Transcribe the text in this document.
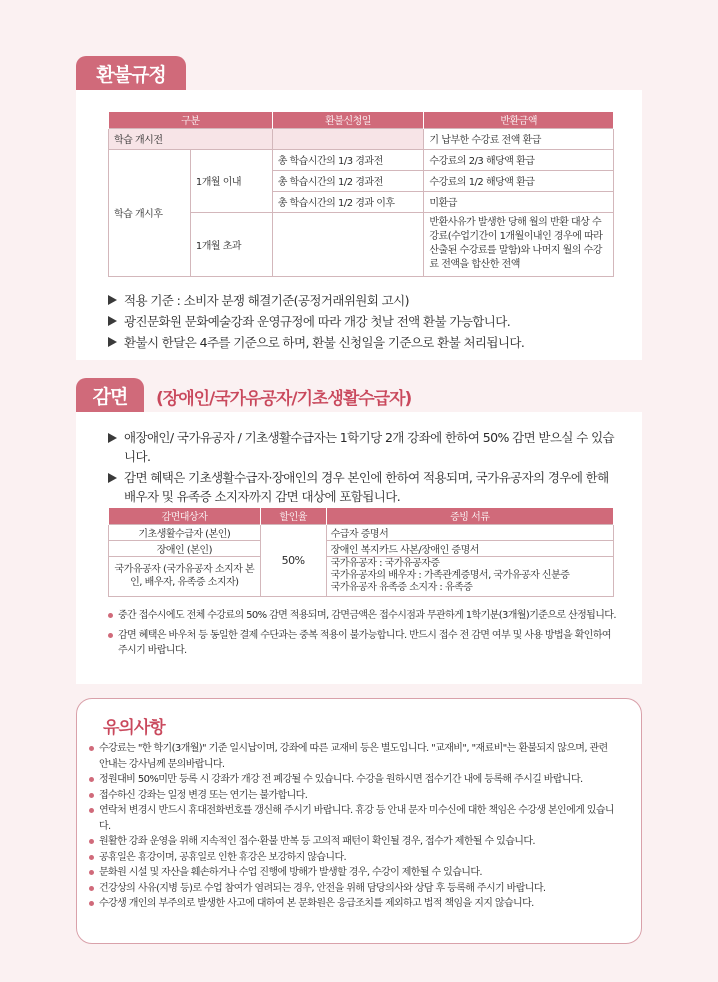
환불규정
구분		환불신청일	반환금액
학습 개시전			기 납부한 수강료 전액 환급
학습 개시후	1개월 이내	총 학습시간의 1/3 경과전	수강료의 2/3 해당액 환급
		총 학습시간의 1/2 경과전	수강료의 1/2 해당액 환급
		총 학습시간의 1/2 경과 이후	미환급
	1개월 초과		반환사유가 발생한 당해 월의 반환 대상 수강료(수업기간이 1개월이내인 경우에 따라 산출된 수강료를 말함)와 나머지 월의 수강료 전액을 합산한 전액
적용 기준 : 소비자 분쟁 해결기준(공정거래위원회 고시)
광진문화원 문화예술강좌 운영규정에 따라 개강 첫날 전액 환불 가능합니다.
환불시 한달은 4주를 기준으로 하며, 환불 신청일을 기준으로 환불 처리됩니다.
감면 (장애인/국가유공자/기초생활수급자)
애장애인/ 국가유공자 / 기초생활수급자는 1학기당 2개 강좌에 한하여 50% 감면 받으실 수 있습니다.
감면 혜택은 기초생활수급자·장애인의 경우 본인에 한하여 적용되며, 국가유공자의 경우에 한해 배우자 및 유족증 소지자까지 감면 대상에 포함됩니다.
감면대상자	할인율	증빙 서류
기초생활수급자 (본인)	50%	수급자 증명서
장애인 (본인)		장애인 복지카드 사본/장애인 증명서
국가유공자 (국가유공자 소지자 본인, 배우자, 유족증 소지자)		국가유공자 : 국가유공자증
국가유공자의 배우자 : 가족관계증명서, 국가유공자 신분증
국가유공자 유족증 소지자 : 유족증
중간 접수시에도 전체 수강료의 50% 감면 적용되며, 감면금액은 접수시점과 무관하게 1학기분(3개월)기준으로 산정됩니다.
감면 혜택은 바우처 등 동일한 결제 수단과는 중복 적용이 불가능합니다. 반드시 접수 전 감면 여부 및 사용 방법을 확인하여 주시기 바랍니다.
유의사항
수강료는 "한 학기(3개월)" 기준 일시납이며, 강좌에 따른 교재비 등은 별도입니다. "교재비", "재료비"는 환불되지 않으며, 관련 안내는 강사님께 문의바랍니다.
정원대비 50%미만 등록 시 강좌가 개강 전 폐강될 수 있습니다. 수강을 원하시면 접수기간 내에 등록해 주시길 바랍니다.
접수하신 강좌는 일정 변경 또는 연기는 불가합니다.
연락처 변경시 반드시 휴대전화번호를 갱신해 주시기 바랍니다. 휴강 등 안내 문자 미수신에 대한 책임은 수강생 본인에게 있습니다.
원활한 강좌 운영을 위해 지속적인 접수·환불 반복 등 고의적 패턴이 확인될 경우, 접수가 제한될 수 있습니다.
공휴일은 휴강이며, 공휴일로 인한 휴강은 보강하지 않습니다.
문화원 시설 및 자산을 훼손하거나 수업 진행에 방해가 발생할 경우, 수강이 제한될 수 있습니다.
건강상의 사유(지병 등)로 수업 참여가 염려되는 경우, 안전을 위해 담당의사와 상담 후 등록해 주시기 바랍니다.
수강생 개인의 부주의로 발생한 사고에 대하여 본 문화원은 응급조치를 제외하고 법적 책임을 지지 않습니다.
